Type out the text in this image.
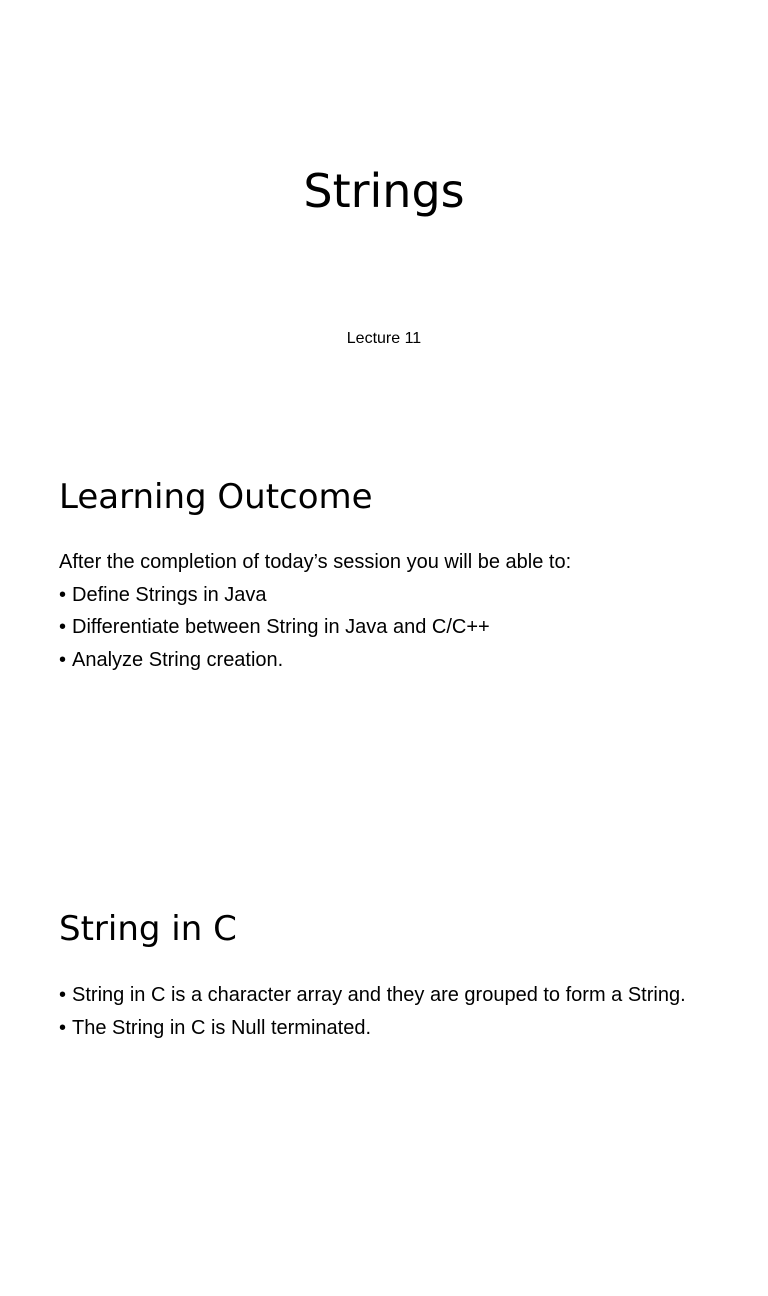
Strings

Lecture 11

Learning Outcome
After the completion of today’s session you will be able to:
• Define Strings in Java
• Differentiate between String in Java and C/C++
• Analyze String creation.
String in C
• String in C is a character array and they are grouped to form a String.
• The String in C is Null terminated.
